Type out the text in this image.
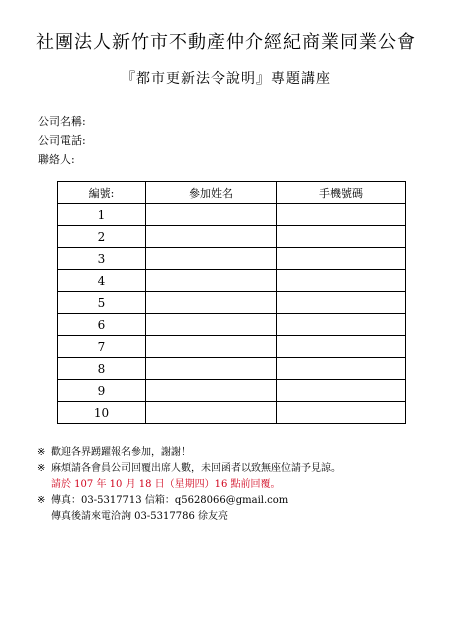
社團法人新竹市不動產仲介經紀商業同業公會
『都市更新法令說明』專題講座
公司名稱:
公司電話:
聯絡人:
編號:	參加姓名	手機號碼
1		
2		
3		
4		
5		
6		
7		
8		
9		
10		
※ 歡迎各界踴躍報名參加，謝謝！
※ 麻煩請各會員公司回覆出席人數，未回函者以致無座位請予見諒。
請於 107 年 10 月 18 日（星期四）16 點前回覆。
※ 傳真：03-5317713 信箱：q5628066@gmail.com
傳真後請來電洽詢 03-5317786 徐友亮
